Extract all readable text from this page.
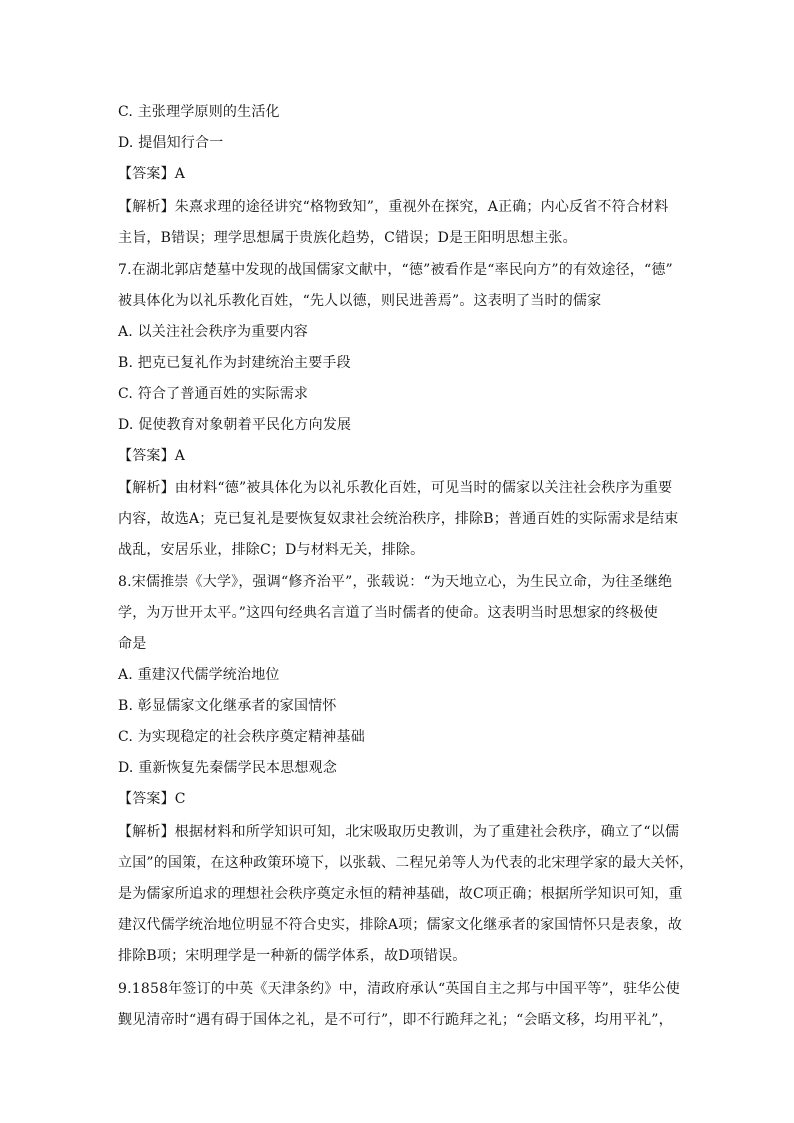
C. 主张理学原则的生活化
D. 提倡知行合一
【答案】A
【解析】朱熹求理的途径讲究“格物致知”，重视外在探究，A正确；内心反省不符合材料
主旨，B错误；理学思想属于贵族化趋势，C错误；D是王阳明思想主张。
7.在湖北郭店楚墓中发现的战国儒家文献中，“德”被看作是“率民向方”的有效途径，“德”
被具体化为以礼乐教化百姓，“先人以德，则民进善焉”。这表明了当时的儒家
A. 以关注社会秩序为重要内容
B. 把克已复礼作为封建统治主要手段
C. 符合了普通百姓的实际需求
D. 促使教育对象朝着平民化方向发展
【答案】A
【解析】由材料“德”被具体化为以礼乐教化百姓，可见当时的儒家以关注社会秩序为重要
内容，故选A；克已复礼是要恢复奴隶社会统治秩序，排除B；普通百姓的实际需求是结束
战乱，安居乐业，排除C；D与材料无关，排除。
8.宋儒推崇《大学》，强调“修齐治平”，张载说：“为天地立心，为生民立命，为往圣继绝
学，为万世开太平。”这四句经典名言道了当时儒者的使命。这表明当时思想家的终极使
命是
A. 重建汉代儒学统治地位
B. 彰显儒家文化继承者的家国情怀
C. 为实现稳定的社会秩序奠定精神基础
D. 重新恢复先秦儒学民本思想观念
【答案】C
【解析】根据材料和所学知识可知，北宋吸取历史教训，为了重建社会秩序，确立了“以儒
立国”的国策，在这种政策环境下，以张载、二程兄弟等人为代表的北宋理学家的最大关怀，
是为儒家所追求的理想社会秩序奠定永恒的精神基础，故C项正确；根据所学知识可知，重
建汉代儒学统治地位明显不符合史实，排除A项；儒家文化继承者的家国情怀只是表象，故
排除B项；宋明理学是一种新的儒学体系，故D项错误。
9.1858年签订的中英《天津条约》中，清政府承认“英国自主之邦与中国平等”，驻华公使
觐见清帝时“遇有碍于国体之礼，是不可行”，即不行跪拜之礼；“会晤文移，均用平礼”，
